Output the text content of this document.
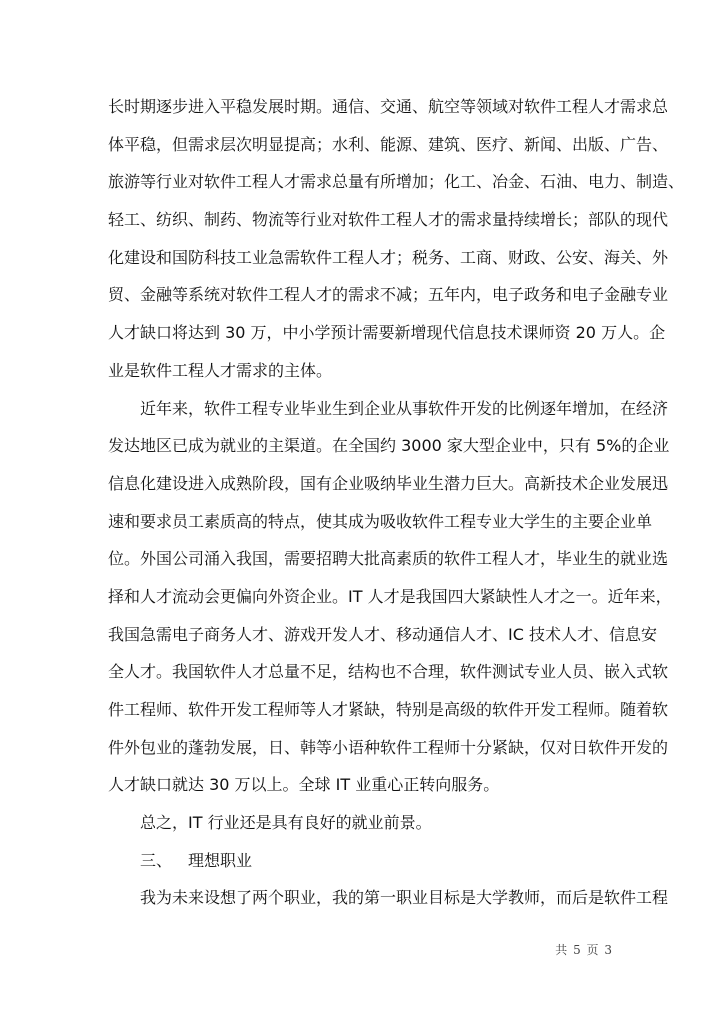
长时期逐步进入平稳发展时期。通信、交通、航空等领域对软件工程人才需求总
体平稳，但需求层次明显提高；水利、能源、建筑、医疗、新闻、出版、广告、
旅游等行业对软件工程人才需求总量有所增加；化工、冶金、石油、电力、制造、
轻工、纺织、制药、物流等行业对软件工程人才的需求量持续增长；部队的现代
化建设和国防科技工业急需软件工程人才；税务、工商、财政、公安、海关、外
贸、金融等系统对软件工程人才的需求不减；五年内，电子政务和电子金融专业
人才缺口将达到 30 万，中小学预计需要新增现代信息技术课师资 20 万人。企
业是软件工程人才需求的主体。
近年来，软件工程专业毕业生到企业从事软件开发的比例逐年增加，在经济
发达地区已成为就业的主渠道。在全国约 3000 家大型企业中，只有 5%的企业
信息化建设进入成熟阶段，国有企业吸纳毕业生潜力巨大。高新技术企业发展迅
速和要求员工素质高的特点，使其成为吸收软件工程专业大学生的主要企业单
位。外国公司涌入我国，需要招聘大批高素质的软件工程人才，毕业生的就业选
择和人才流动会更偏向外资企业。IT 人才是我国四大紧缺性人才之一。近年来，
我国急需电子商务人才、游戏开发人才、移动通信人才、IC 技术人才、信息安
全人才。我国软件人才总量不足，结构也不合理，软件测试专业人员、嵌入式软
件工程师、软件开发工程师等人才紧缺，特别是高级的软件开发工程师。随着软
件外包业的蓬勃发展，日、韩等小语种软件工程师十分紧缺，仅对日软件开发的
人才缺口就达 30 万以上。全球 IT 业重心正转向服务。
总之，IT 行业还是具有良好的就业前景。
三、 理想职业
我为未来设想了两个职业，我的第一职业目标是大学教师，而后是软件工程
共 5 页 3
